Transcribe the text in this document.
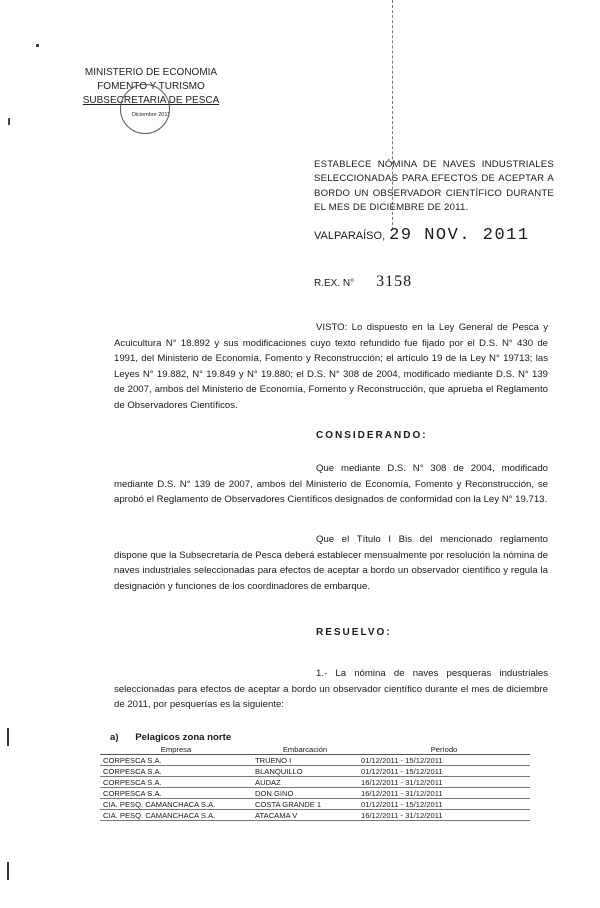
MINISTERIO DE ECONOMIA
FOMENTO Y TURISMO
SUBSECRETARIA DE PESCA
Diciembre 2011
ESTABLECE NÓMINA DE NAVES INDUSTRIALES SELECCIONADAS PARA EFECTOS DE ACEPTAR A BORDO UN OBSERVADOR CIENTÍFICO DURANTE EL MES DE DICIEMBRE DE 2011.
VALPARAÍSO, 29 NOV. 2011
R.EX. N° 3158
VISTO: Lo dispuesto en la Ley General de Pesca y Acuicultura N° 18.892 y sus modificaciones cuyo texto refundido fue fijado por el D.S. N° 430 de 1991, del Ministerio de Economía, Fomento y Reconstrucción; el artículo 19 de la Ley N° 19713; las Leyes N° 19.882, N° 19.849 y N° 19.880; el D.S. N° 308 de 2004, modificado mediante D.S. N° 139 de 2007, ambos del Ministerio de Economía, Fomento y Reconstrucción, que aprueba el Reglamento de Observadores Científicos.
CONSIDERANDO:
Que mediante D.S. N° 308 de 2004, modificado mediante D.S. N° 139 de 2007, ambos del Ministerio de Economía, Fomento y Reconstrucción, se aprobó el Reglamento de Observadores Científicos designados de conformidad con la Ley N° 19.713.
Que el Título I Bis del mencionado reglamento dispone que la Subsecretaría de Pesca deberá establecer mensualmente por resolución la nómina de naves industriales seleccionadas para efectos de aceptar a bordo un observador científico y regula la designación y funciones de los coordinadores de embarque.
RESUELVO:
1.- La nómina de naves pesqueras industriales seleccionadas para efectos de aceptar a bordo un observador científico durante el mes de diciembre de 2011, por pesquerías es la siguiente:
a) Pelagicos zona norte
Empresa	Embarcación	Período
CORPESCA S.A.	TRUENO I	01/12/2011 - 15/12/2011
CORPESCA S.A.	BLANQUILLO	01/12/2011 - 15/12/2011
CORPESCA S.A.	AUDAZ	16/12/2011 - 31/12/2011
CORPESCA S.A.	DON GINO	16/12/2011 - 31/12/2011
CIA. PESQ. CAMANCHACA S.A.	COSTA GRANDE 1	01/12/2011 - 15/12/2011
CIA. PESQ. CAMANCHACA S.A.	ATACAMA V	16/12/2011 - 31/12/2011
